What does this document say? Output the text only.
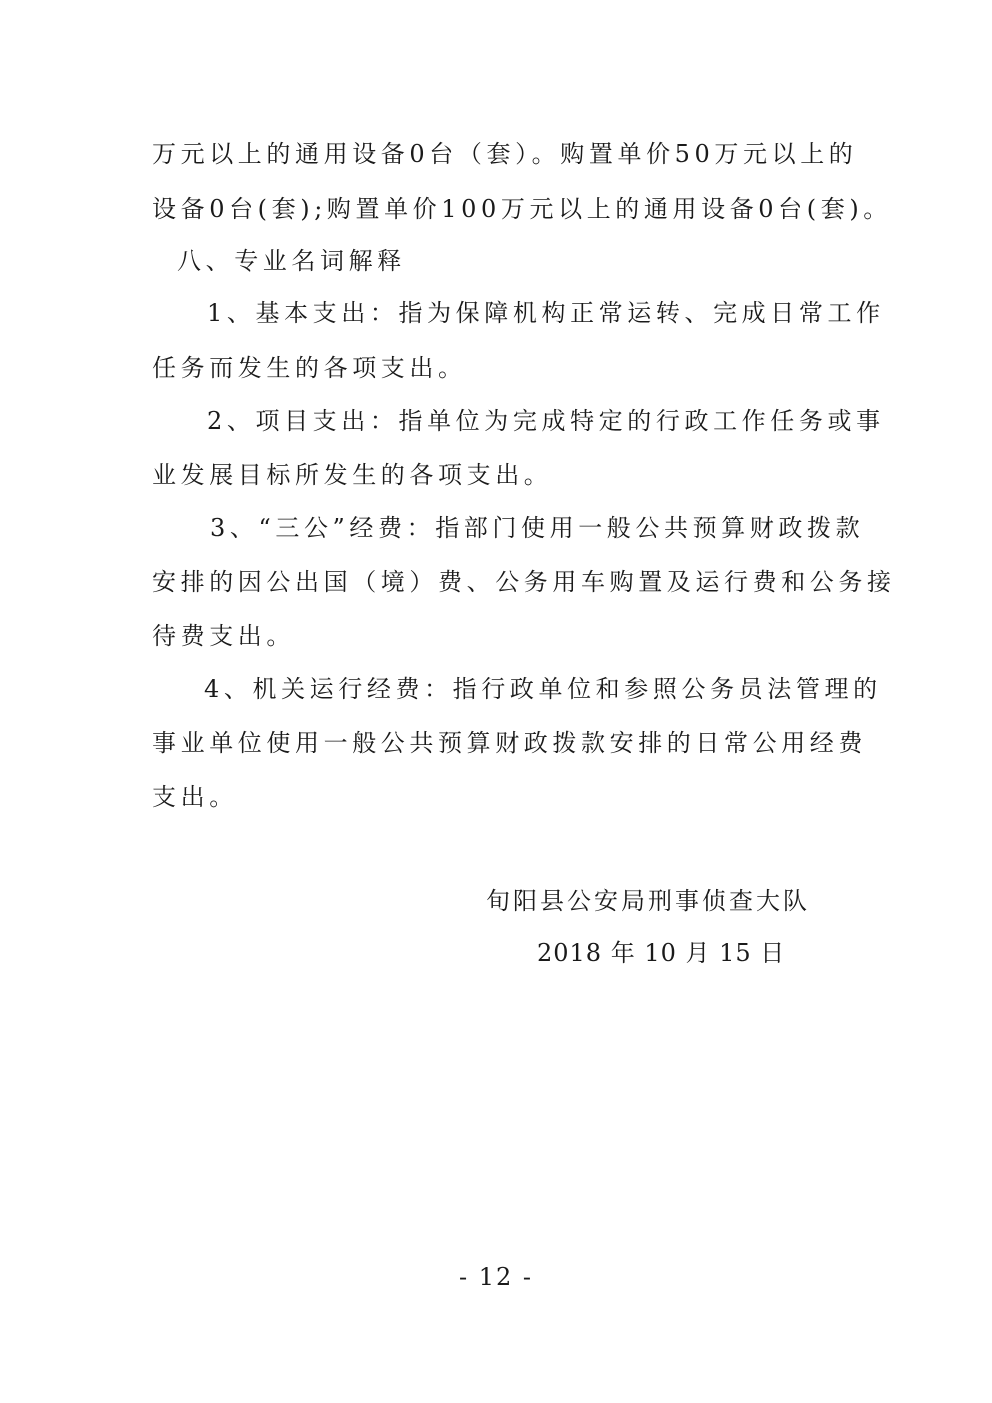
万元以上的通用设备0台（套）。购置单价50万元以上的
设备0台(套);购置单价100万元以上的通用设备0台(套)。
八、专业名词解释
1、基本支出：指为保障机构正常运转、完成日常工作
任务而发生的各项支出。
2、项目支出：指单位为完成特定的行政工作任务或事
业发展目标所发生的各项支出。
3、“三公”经费：指部门使用一般公共预算财政拨款
安排的因公出国（境）费、公务用车购置及运行费和公务接
待费支出。
4、机关运行经费：指行政单位和参照公务员法管理的
事业单位使用一般公共预算财政拨款安排的日常公用经费
支出。
旬阳县公安局刑事侦查大队
2018 年 10 月 15 日
- 12 -
